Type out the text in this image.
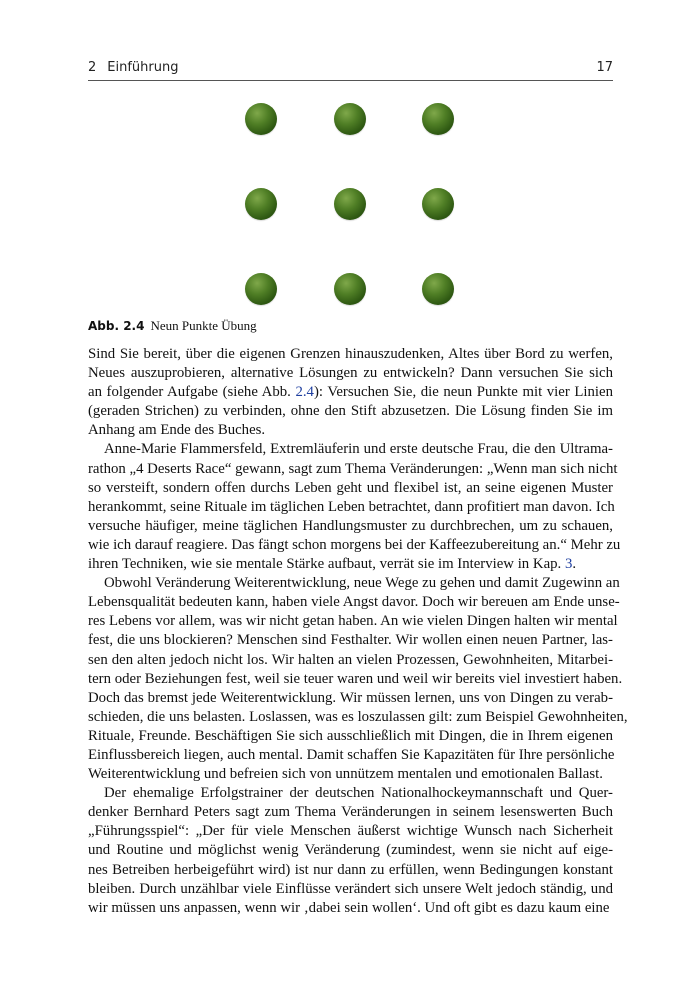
2 Einführung	17
Abb. 2.4 Neun Punkte Übung
Sind Sie bereit, über die eigenen Grenzen hinauszudenken, Altes über Bord zu werfen,
Neues auszuprobieren, alternative Lösungen zu entwickeln? Dann versuchen Sie sich
an folgender Aufgabe (siehe Abb. 2.4): Versuchen Sie, die neun Punkte mit vier Linien
(geraden Strichen) zu verbinden, ohne den Stift abzusetzen. Die Lösung finden Sie im
Anhang am Ende des Buches.
Anne-Marie Flammersfeld, Extremläuferin und erste deutsche Frau, die den Ultrama-
rathon „4 Deserts Race“ gewann, sagt zum Thema Veränderungen: „Wenn man sich nicht
so versteift, sondern offen durchs Leben geht und flexibel ist, an seine eigenen Muster
herankommt, seine Rituale im täglichen Leben betrachtet, dann profitiert man davon. Ich
versuche häufiger, meine täglichen Handlungsmuster zu durchbrechen, um zu schauen,
wie ich darauf reagiere. Das fängt schon morgens bei der Kaffeezubereitung an.“ Mehr zu
ihren Techniken, wie sie mentale Stärke aufbaut, verrät sie im Interview in Kap. 3.
Obwohl Veränderung Weiterentwicklung, neue Wege zu gehen und damit Zugewinn an
Lebensqualität bedeuten kann, haben viele Angst davor. Doch wir bereuen am Ende unse-
res Lebens vor allem, was wir nicht getan haben. An wie vielen Dingen halten wir mental
fest, die uns blockieren? Menschen sind Festhalter. Wir wollen einen neuen Partner, las-
sen den alten jedoch nicht los. Wir halten an vielen Prozessen, Gewohnheiten, Mitarbei-
tern oder Beziehungen fest, weil sie teuer waren und weil wir bereits viel investiert haben.
Doch das bremst jede Weiterentwicklung. Wir müssen lernen, uns von Dingen zu verab-
schieden, die uns belasten. Loslassen, was es loszulassen gilt: zum Beispiel Gewohnheiten,
Rituale, Freunde. Beschäftigen Sie sich ausschließlich mit Dingen, die in Ihrem eigenen
Einflussbereich liegen, auch mental. Damit schaffen Sie Kapazitäten für Ihre persönliche
Weiterentwicklung und befreien sich von unnützem mentalen und emotionalen Ballast.
Der ehemalige Erfolgstrainer der deutschen Nationalhockeymannschaft und Quer-
denker Bernhard Peters sagt zum Thema Veränderungen in seinem lesenswerten Buch
„Führungsspiel“: „Der für viele Menschen äußerst wichtige Wunsch nach Sicherheit
und Routine und möglichst wenig Veränderung (zumindest, wenn sie nicht auf eige-
nes Betreiben herbeigeführt wird) ist nur dann zu erfüllen, wenn Bedingungen konstant
bleiben. Durch unzählbar viele Einflüsse verändert sich unsere Welt jedoch ständig, und
wir müssen uns anpassen, wenn wir ‚dabei sein wollen‘. Und oft gibt es dazu kaum eine
